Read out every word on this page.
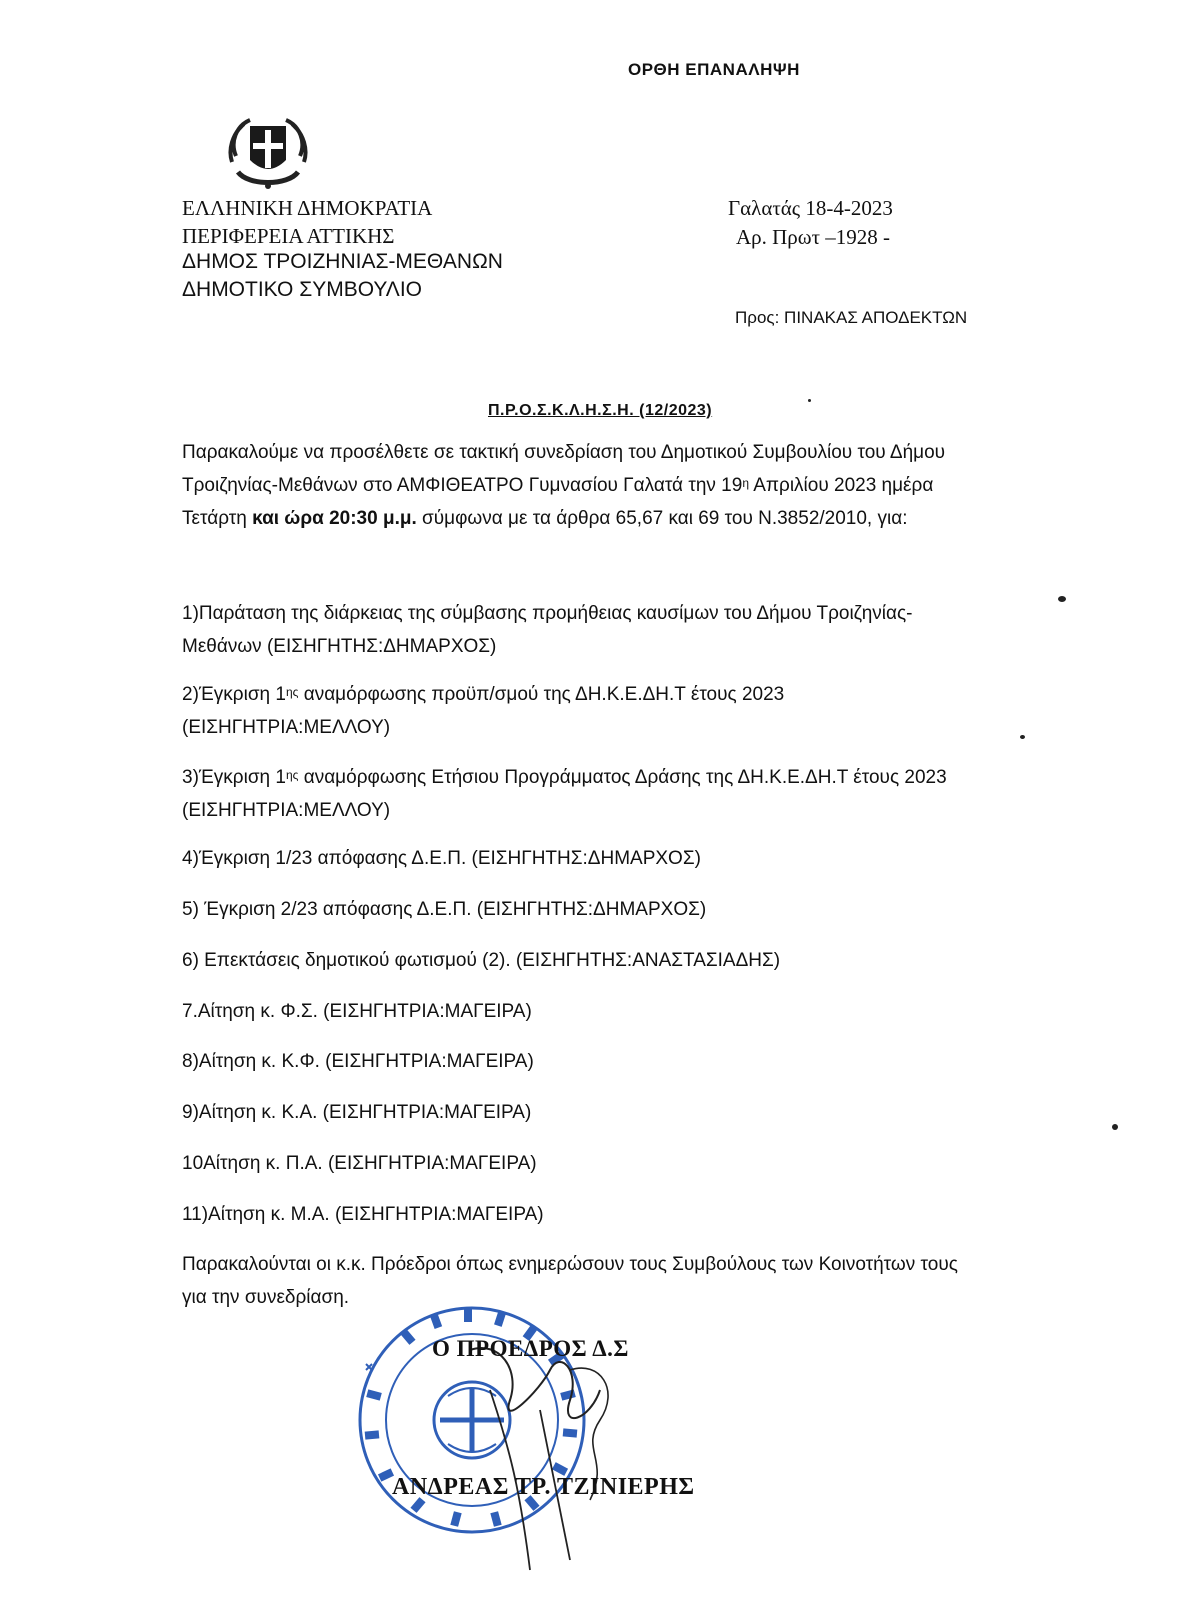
ΟΡΘΗ ΕΠΑΝΑΛΗΨΗ
ΕΛΛΗΝΙΚΗ ΔΗΜΟΚΡΑΤΙΑ
ΠΕΡΙΦΕΡΕΙΑ ΑΤΤΙΚΗΣ
ΔΗΜΟΣ ΤΡΟΙΖΗΝΙΑΣ-ΜΕΘΑΝΩΝ
ΔΗΜΟΤΙΚΟ ΣΥΜΒΟΥΛΙΟ
Γαλατάς 18-4-2023
Αρ. Πρωτ –1928 -
Προς: ΠΙΝΑΚΑΣ ΑΠΟΔΕΚΤΩΝ
Π.Ρ.Ο.Σ.Κ.Λ.Η.Σ.Η. (12/2023)
Παρακαλούμε να προσέλθετε σε τακτική συνεδρίαση του Δημοτικού Συμβουλίου του Δήμου
Τροιζηνίας-Μεθάνων στο ΑΜΦΙΘΕΑΤΡΟ Γυμνασίου Γαλατά την $19^\eta$ Απριλίου 2023 ημέρα
Τετάρτη και ώρα 20:30 μ.μ. σύμφωνα με τα άρθρα 65,67 και 69 του Ν.3852/2010, για:
1)Παράταση της διάρκειας της σύμβασης προμήθειας καυσίμων του Δήμου Τροιζηνίας-
Μεθάνων (ΕΙΣΗΓΗΤΗΣ:ΔΗΜΑΡΧΟΣ)
2)Έγκριση $1^{\eta\varsigma}$ αναμόρφωσης προϋπ/σμού της ΔΗ.Κ.Ε.ΔΗ.Τ έτους 2023
(ΕΙΣΗΓΗΤΡΙΑ:ΜΕΛΛΟΥ)
3)Έγκριση $1^{\eta\varsigma}$ αναμόρφωσης Ετήσιου Προγράμματος Δράσης της ΔΗ.Κ.Ε.ΔΗ.Τ έτους 2023
(ΕΙΣΗΓΗΤΡΙΑ:ΜΕΛΛΟΥ)
4)Έγκριση 1/23 απόφασης Δ.Ε.Π. (ΕΙΣΗΓΗΤΗΣ:ΔΗΜΑΡΧΟΣ)
5) Έγκριση 2/23 απόφασης Δ.Ε.Π. (ΕΙΣΗΓΗΤΗΣ:ΔΗΜΑΡΧΟΣ)
6) Επεκτάσεις δημοτικού φωτισμού (2). (ΕΙΣΗΓΗΤΗΣ:ΑΝΑΣΤΑΣΙΑΔΗΣ)
7.Αίτηση κ. Φ.Σ. (ΕΙΣΗΓΗΤΡΙΑ:ΜΑΓΕΙΡΑ)
8)Αίτηση κ. Κ.Φ. (ΕΙΣΗΓΗΤΡΙΑ:ΜΑΓΕΙΡΑ)
9)Αίτηση κ. Κ.Α. (ΕΙΣΗΓΗΤΡΙΑ:ΜΑΓΕΙΡΑ)
10Αίτηση κ. Π.Α. (ΕΙΣΗΓΗΤΡΙΑ:ΜΑΓΕΙΡΑ)
11)Αίτηση κ. Μ.Α. (ΕΙΣΗΓΗΤΡΙΑ:ΜΑΓΕΙΡΑ)
Παρακαλούνται οι κ.κ. Πρόεδροι όπως ενημερώσουν τους Συμβούλους των Κοινοτήτων τους
για την συνεδρίαση.
Ο ΠΡΟΕΔΡΟΣ Δ.Σ
ΑΝΔΡΕΑΣ ΤΡ. ΤΖΙΝΙΕΡΗΣ
